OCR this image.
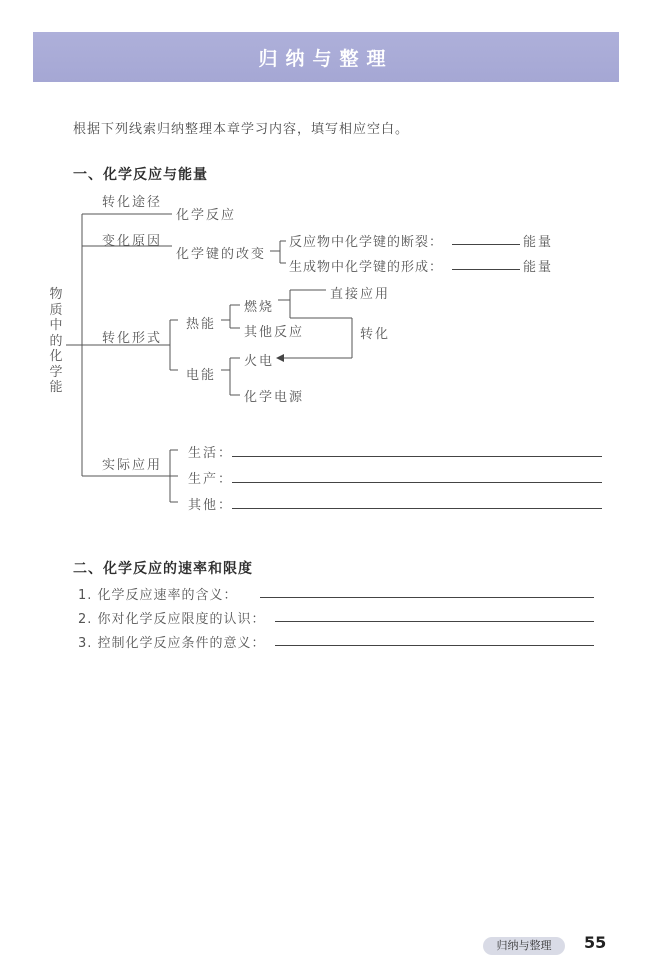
归纳与整理
根据下列线索归纳整理本章学习内容，填写相应空白。
一、化学反应与能量
物质中的化学能
转化途径
化学反应
变化原因
化学键的改变
反应物中化学键的断裂：	能量
生成物中化学键的形成：	能量
转化形式
热能
燃烧
其他反应
直接应用
转化
电能
火电
化学电源
实际应用
生活：
生产：
其他：
二、化学反应的速率和限度
1. 化学反应速率的含义：
2. 你对化学反应限度的认识：
3. 控制化学反应条件的意义：
归纳与整理	55
